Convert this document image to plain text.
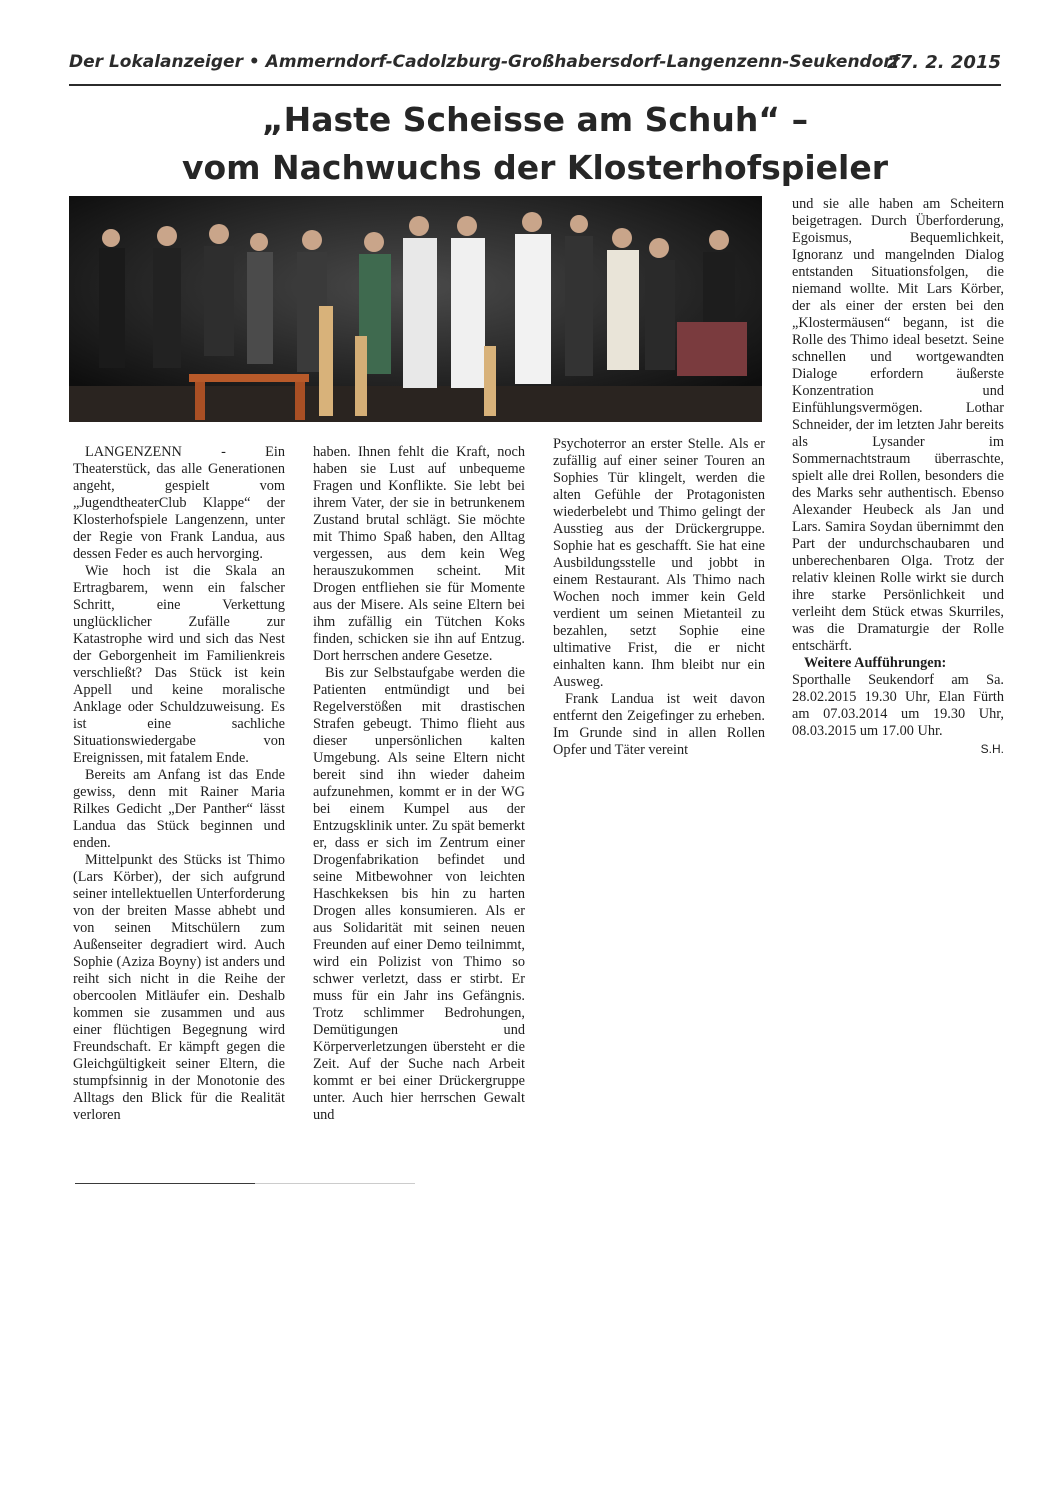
Der Lokalanzeiger • Ammerndorf-Cadolzburg-Großhabersdorf-Langenzenn-Seukendorf
27. 2. 2015
„Haste Scheisse am Schuh“ –
vom Nachwuchs der Klosterhofspieler

LANGENZENN - Ein Theaterstück, das alle Generationen angeht, gespielt vom „JugendtheaterClub Klappe“ der Klosterhofspiele Langenzenn, unter der Regie von Frank Landua, aus dessen Feder es auch hervorging.

Wie hoch ist die Skala an Ertragbarem, wenn ein falscher Schritt, eine Verkettung unglücklicher Zufälle zur Katastrophe wird und sich das Nest der Geborgenheit im Familienkreis verschließt? Das Stück ist kein Appell und keine moralische Anklage oder Schuldzuweisung. Es ist eine sachliche Situationswiedergabe von Ereignissen, mit fatalem Ende.

Bereits am Anfang ist das Ende gewiss, denn mit Rainer Maria Rilkes Gedicht „Der Panther“ lässt Landua das Stück beginnen und enden.

Mittelpunkt des Stücks ist Thimo (Lars Körber), der sich aufgrund seiner intellektuellen Unterforderung von der breiten Masse abhebt und von seinen Mitschülern zum Außenseiter degradiert wird. Auch Sophie (Aziza Boyny) ist anders und reiht sich nicht in die Reihe der obercoolen Mitläufer ein. Deshalb kommen sie zusammen und aus einer flüchtigen Begegnung wird Freundschaft. Er kämpft gegen die Gleichgültigkeit seiner Eltern, die stumpfsinnig in der Monotonie des Alltags den Blick für die Realität verloren

haben. Ihnen fehlt die Kraft, noch haben sie Lust auf unbequeme Fragen und Konflikte. Sie lebt bei ihrem Vater, der sie in betrunkenem Zustand brutal schlägt. Sie möchte mit Thimo Spaß haben, den Alltag vergessen, aus dem kein Weg herauszukommen scheint. Mit Drogen entfliehen sie für Momente aus der Misere. Als seine Eltern bei ihm zufällig ein Tütchen Koks finden, schicken sie ihn auf Entzug. Dort herrschen andere Gesetze.

Bis zur Selbstaufgabe werden die Patienten entmündigt und bei Regelverstößen mit drastischen Strafen gebeugt. Thimo flieht aus dieser unpersönlichen kalten Umgebung. Als seine Eltern nicht bereit sind ihn wieder daheim aufzunehmen, kommt er in der WG bei einem Kumpel aus der Entzugsklinik unter. Zu spät bemerkt er, dass er sich im Zentrum einer Drogenfabrikation befindet und seine Mitbewohner von leichten Haschkeksen bis hin zu harten Drogen alles konsumieren. Als er aus Solidarität mit seinen neuen Freunden auf einer Demo teilnimmt, wird ein Polizist von Thimo so schwer verletzt, dass er stirbt. Er muss für ein Jahr ins Gefängnis. Trotz schlimmer Bedrohungen, Demütigungen und Körperverletzungen übersteht er die Zeit. Auf der Suche nach Arbeit kommt er bei einer Drückergruppe unter. Auch hier herrschen Gewalt und

Psychoterror an erster Stelle. Als er zufällig auf einer seiner Touren an Sophies Tür klingelt, werden die alten Gefühle der Protagonisten wiederbelebt und Thimo gelingt der Ausstieg aus der Drückergruppe. Sophie hat es geschafft. Sie hat eine Ausbildungsstelle und jobbt in einem Restaurant. Als Thimo nach Wochen noch immer kein Geld verdient um seinen Mietanteil zu bezahlen, setzt Sophie eine ultimative Frist, die er nicht einhalten kann. Ihm bleibt nur ein Ausweg.

Frank Landua ist weit davon entfernt den Zeigefinger zu erheben. Im Grunde sind in allen Rollen Opfer und Täter vereint

und sie alle haben am Scheitern beigetragen. Durch Überforderung, Egoismus, Bequemlichkeit, Ignoranz und mangelnden Dialog entstanden Situationsfolgen, die niemand wollte. Mit Lars Körber, der als einer der ersten bei den „Klostermäusen“ begann, ist die Rolle des Thimo ideal besetzt. Seine schnellen und wortgewandten Dialoge erfordern äußerste Konzentration und Einfühlungsvermögen. Lothar Schneider, der im letzten Jahr bereits als Lysander im Sommernachtstraum überraschte, spielt alle drei Rollen, besonders die des Marks sehr authentisch. Ebenso Alexander Heubeck als Jan und Lars. Samira Soydan übernimmt den Part der undurchschaubaren und unberechenbaren Olga. Trotz der relativ kleinen Rolle wirkt sie durch ihre starke Persönlichkeit und verleiht dem Stück etwas Skurriles, was die Dramaturgie der Rolle entschärft.

Weitere Aufführungen:

Sporthalle Seukendorf am Sa. 28.02.2015 19.30 Uhr, Elan Fürth am 07.03.2014 um 19.30 Uhr, 08.03.2015 um 17.00 Uhr.

S.H.
